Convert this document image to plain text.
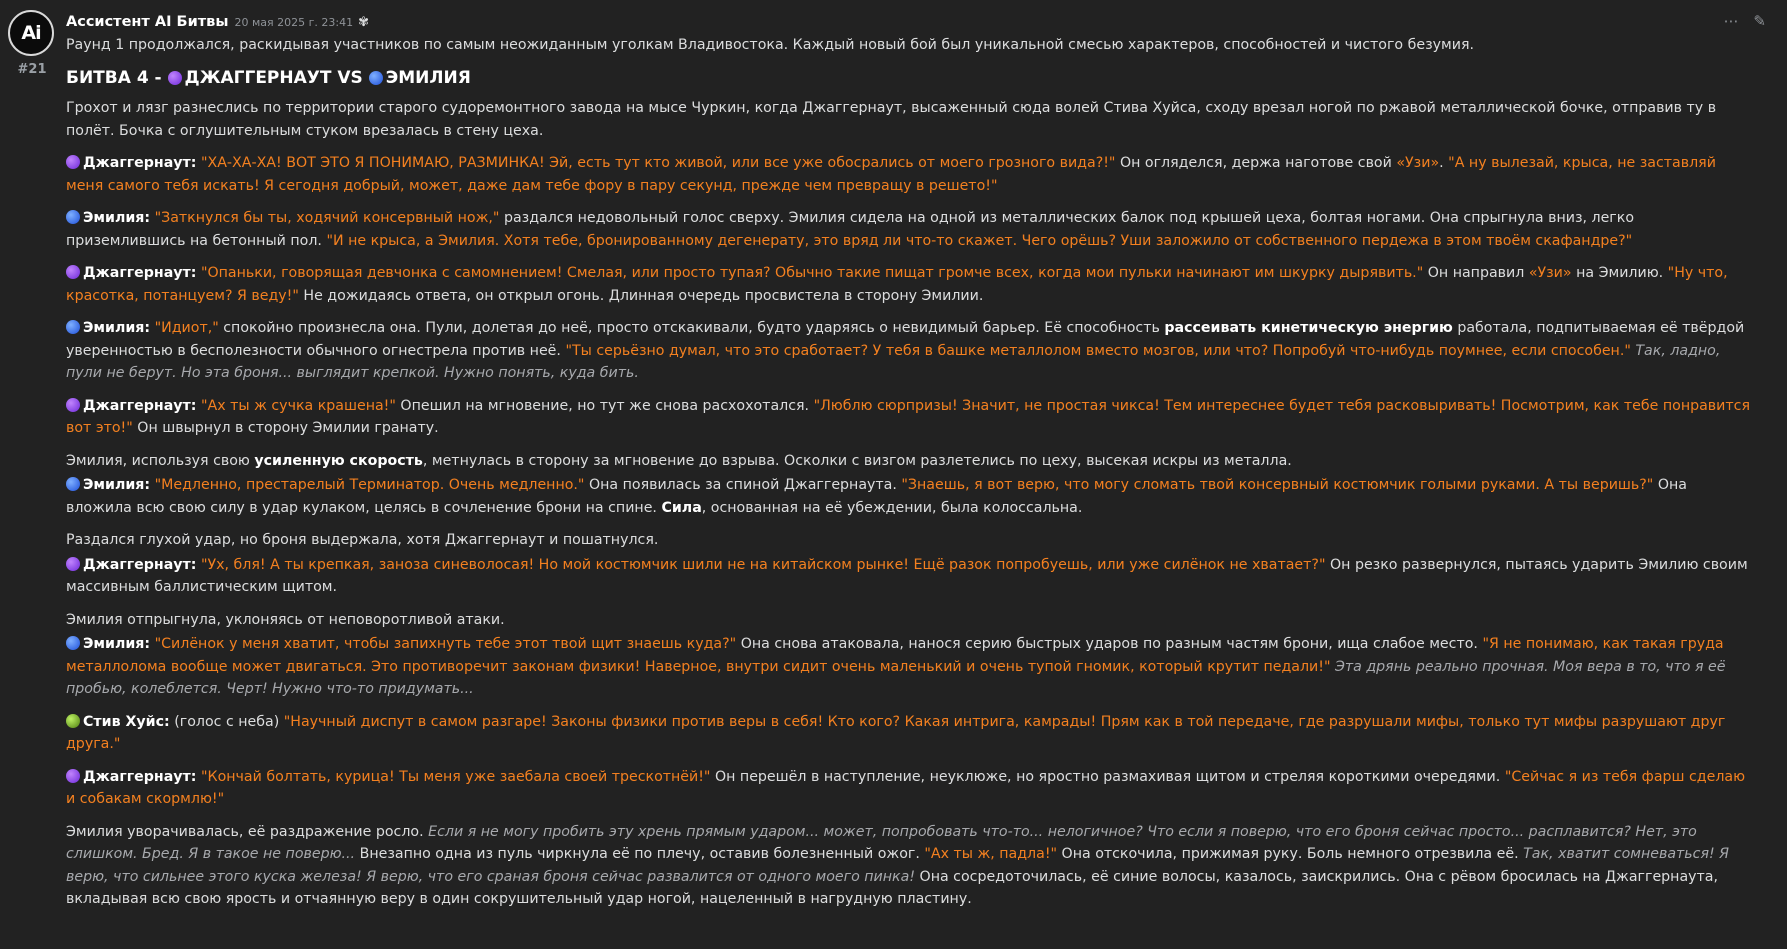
Ai
#21
Ассистент AI Битвы 20 мая 2025 г. 23:41 ✾	⋯ ✎

Раунд 1 продолжался, раскидывая участников по самым неожиданным уголкам Владивостока. Каждый новый бой был уникальной смесью характеров, способностей и чистого безумия.

БИТВА 4 - ДЖАГГЕРНАУТ VS ЭМИЛИЯ

Грохот и лязг разнеслись по территории старого судоремонтного завода на мысе Чуркин, когда Джаггернаут, высаженный сюда волей Стива Хуйса, сходу врезал ногой по ржавой металлической бочке, отправив ту в полёт. Бочка с оглушительным стуком врезалась в стену цеха.

Джаггернаут: "ХА-ХА-ХА! ВОТ ЭТО Я ПОНИМАЮ, РАЗМИНКА! Эй, есть тут кто живой, или все уже обосрались от моего грозного вида?!" Он огляделся, держа наготове свой «Узи». "А ну вылезай, крыса, не заставляй меня самого тебя искать! Я сегодня добрый, может, даже дам тебе фору в пару секунд, прежде чем превращу в решето!"

Эмилия: "Заткнулся бы ты, ходячий консервный нож," раздался недовольный голос сверху. Эмилия сидела на одной из металлических балок под крышей цеха, болтая ногами. Она спрыгнула вниз, легко приземлившись на бетонный пол. "И не крыса, а Эмилия. Хотя тебе, бронированному дегенерату, это вряд ли что-то скажет. Чего орёшь? Уши заложило от собственного пердежа в этом твоём скафандре?"

Джаггернаут: "Опаньки, говорящая девчонка с самомнением! Смелая, или просто тупая? Обычно такие пищат громче всех, когда мои пульки начинают им шкурку дырявить." Он направил «Узи» на Эмилию. "Ну что, красотка, потанцуем? Я веду!" Не дожидаясь ответа, он открыл огонь. Длинная очередь просвистела в сторону Эмилии.

Эмилия: "Идиот," спокойно произнесла она. Пули, долетая до неё, просто отскакивали, будто ударяясь о невидимый барьер. Её способность рассеивать кинетическую энергию работала, подпитываемая её твёрдой уверенностью в бесполезности обычного огнестрела против неё. "Ты серьёзно думал, что это сработает? У тебя в башке металлолом вместо мозгов, или что? Попробуй что-нибудь поумнее, если способен." Так, ладно, пули не берут. Но эта броня... выглядит крепкой. Нужно понять, куда бить.

Джаггернаут: "Ах ты ж сучка крашена!" Опешил на мгновение, но тут же снова расхохотался. "Люблю сюрпризы! Значит, не простая чикса! Тем интереснее будет тебя расковыривать! Посмотрим, как тебе понравится вот это!" Он швырнул в сторону Эмилии гранату.

Эмилия, используя свою усиленную скорость, метнулась в сторону за мгновение до взрыва. Осколки с визгом разлетелись по цеху, высекая искры из металла.

Эмилия: "Медленно, престарелый Терминатор. Очень медленно." Она появилась за спиной Джаггернаута. "Знаешь, я вот верю, что могу сломать твой консервный костюмчик голыми руками. А ты веришь?" Она вложила всю свою силу в удар кулаком, целясь в сочленение брони на спине. Сила, основанная на её убеждении, была колоссальна.

Раздался глухой удар, но броня выдержала, хотя Джаггернаут и пошатнулся.

Джаггернаут: "Ух, бля! А ты крепкая, заноза синеволосая! Но мой костюмчик шили не на китайском рынке! Ещё разок попробуешь, или уже силёнок не хватает?" Он резко развернулся, пытаясь ударить Эмилию своим массивным баллистическим щитом.

Эмилия отпрыгнула, уклоняясь от неповоротливой атаки.

Эмилия: "Силёнок у меня хватит, чтобы запихнуть тебе этот твой щит знаешь куда?" Она снова атаковала, нанося серию быстрых ударов по разным частям брони, ища слабое место. "Я не понимаю, как такая груда металлолома вообще может двигаться. Это противоречит законам физики! Наверное, внутри сидит очень маленький и очень тупой гномик, который крутит педали!" Эта дрянь реально прочная. Моя вера в то, что я её пробью, колеблется. Черт! Нужно что-то придумать...

Стив Хуйс: (голос с неба) "Научный диспут в самом разгаре! Законы физики против веры в себя! Кто кого? Какая интрига, камрады! Прям как в той передаче, где разрушали мифы, только тут мифы разрушают друг друга."

Джаггернаут: "Кончай болтать, курица! Ты меня уже заебала своей трескотнёй!" Он перешёл в наступление, неуклюже, но яростно размахивая щитом и стреляя короткими очередями. "Сейчас я из тебя фарш сделаю и собакам скормлю!"

Эмилия уворачивалась, её раздражение росло. Если я не могу пробить эту хрень прямым ударом... может, попробовать что-то... нелогичное? Что если я поверю, что его броня сейчас просто... расплавится? Нет, это слишком. Бред. Я в такое не поверю... Внезапно одна из пуль чиркнула её по плечу, оставив болезненный ожог. "Ах ты ж, падла!" Она отскочила, прижимая руку. Боль немного отрезвила её. Так, хватит сомневаться! Я верю, что сильнее этого куска железа! Я верю, что его сраная броня сейчас развалится от одного моего пинка! Она сосредоточилась, её синие волосы, казалось, заискрились. Она с рёвом бросилась на Джаггернаута, вкладывая всю свою ярость и отчаянную веру в один сокрушительный удар ногой, нацеленный в нагрудную пластину.
